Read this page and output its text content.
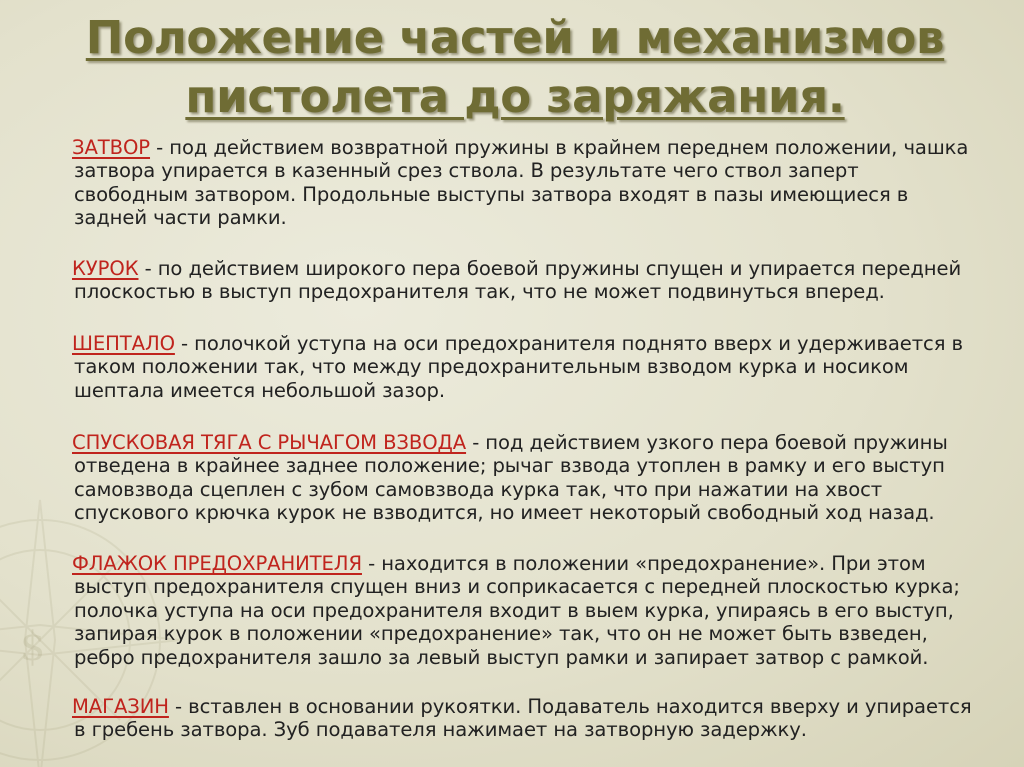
$
Положение частей и механизмов
пистолета до заряжания.
ЗАТВОР - под действием возвратной пружины в крайнем переднем положении, чашка
затвора упирается в казенный срез ствола. В результате чего ствол заперт
свободным затвором. Продольные выступы затвора входят в пазы имеющиеся в
задней части рамки.
КУРОК - по действием широкого пера боевой пружины спущен и упирается передней
плоскостью в выступ предохранителя так, что не может подвинуться вперед.
ШЕПТАЛО - полочкой уступа на оси предохранителя поднято вверх и удерживается в
таком положении так, что между предохранительным взводом курка и носиком
шептала имеется небольшой зазор.
СПУСКОВАЯ ТЯГА С РЫЧАГОМ ВЗВОДА - под действием узкого пера боевой пружины
отведена в крайнее заднее положение; рычаг взвода утоплен в рамку и его выступ
самовзвода сцеплен с зубом самовзвода курка так, что при нажатии на хвост
спускового крючка курок не взводится, но имеет некоторый свободный ход назад.
ФЛАЖОК ПРЕДОХРАНИТЕЛЯ - находится в положении «предохранение». При этом
выступ предохранителя спущен вниз и соприкасается с передней плоскостью курка;
полочка уступа на оси предохранителя входит в выем курка, упираясь в его выступ,
запирая курок в положении «предохранение» так, что он не может быть взведен,
ребро предохранителя зашло за левый выступ рамки и запирает затвор с рамкой.
МАГАЗИН - вставлен в основании рукоятки. Подаватель находится вверху и упирается
в гребень затвора. Зуб подавателя нажимает на затворную задержку.
